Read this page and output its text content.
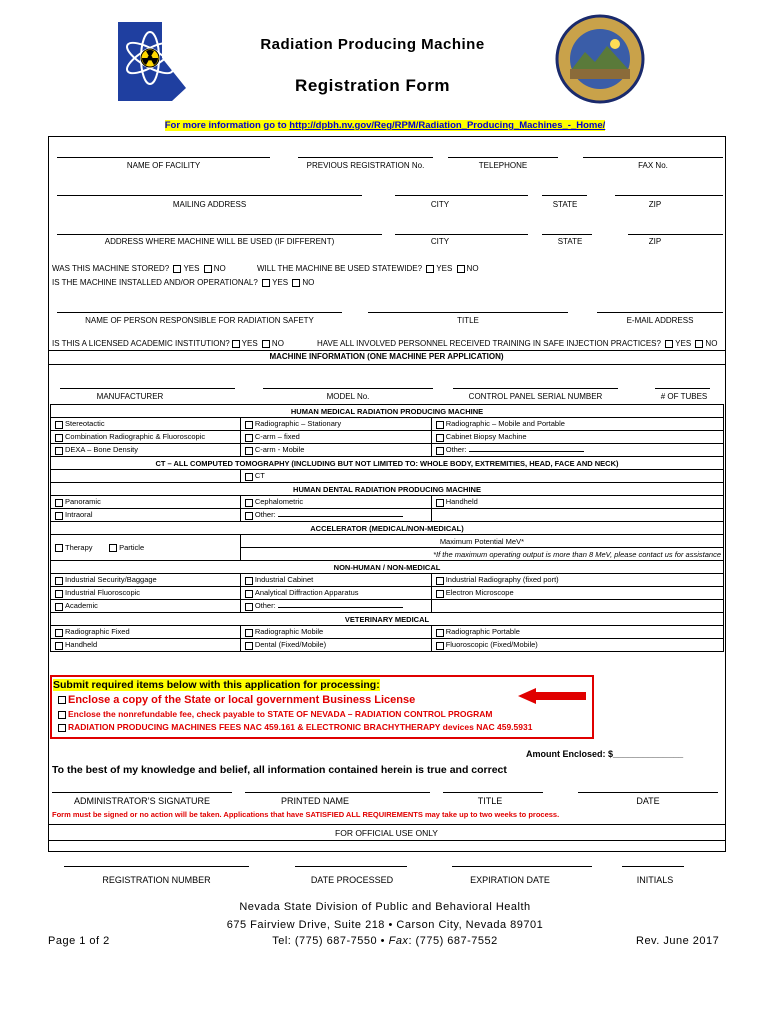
Radiation Producing Machine
Registration Form
For more information go to http://dpbh.nv.gov/Reg/RPM/Radiation_Producing_Machines_-_Home/
NAME OF FACILITY	PREVIOUS REGISTRATION No.	TELEPHONE	FAX No.
MAILING ADDRESS	CITY	STATE	ZIP
ADDRESS WHERE MACHINE WILL BE USED (IF DIFFERENT)	CITY	STATE	ZIP
WAS THIS MACHINE STORED? YES NO	WILL THE MACHINE BE USED STATEWIDE? YES NO
IS THE MACHINE INSTALLED AND/OR OPERATIONAL? YES NO
NAME OF PERSON RESPONSIBLE FOR RADIATION SAFETY	TITLE	E-MAIL ADDRESS
IS THIS A LICENSED ACADEMIC INSTITUTION? YES NO	HAVE ALL INVOLVED PERSONNEL RECEIVED TRAINING IN SAFE INJECTION PRACTICES? YES NO
MACHINE INFORMATION (ONE MACHINE PER APPLICATION)
MANUFACTURER	MODEL No.	CONTROL PANEL SERIAL NUMBER	# OF TUBES
HUMAN MEDICAL RADIATION PRODUCING MACHINE		
Stereotactic	Radiographic – Stationary	Radiographic – Mobile and Portable
Combination Radiographic & Fluoroscopic	C-arm – fixed	Cabinet Biopsy Machine
DEXA – Bone Density	C-arm - Mobile	Other:
CT – ALL COMPUTED TOMOGRAPHY (INCLUDING BUT NOT LIMITED TO: WHOLE BODY, EXTREMITIES, HEAD, FACE AND NECK)		
	CT	
HUMAN DENTAL RADIATION PRODUCING MACHINE		
Panoramic	Cephalometric	Handheld
Intraoral	Other:	
ACCELERATOR (MEDICAL/NON-MEDICAL)		
Therapy Particle	Maximum Potential MeV*	
	*If the maximum operating output is more than 8 MeV, please contact us for assistance	
NON-HUMAN / NON-MEDICAL		
Industrial Security/Baggage	Industrial Cabinet	Industrial Radiography (fixed port)
Industrial Fluoroscopic	Analytical Diffraction Apparatus	Electron Microscope
Academic	Other:	
VETERINARY MEDICAL		
Radiographic Fixed	Radiographic Mobile	Radiographic Portable
Handheld	Dental (Fixed/Mobile)	Fluoroscopic (Fixed/Mobile)
Submit required items below with this application for processing:
Enclose a copy of the State or local government Business License
Enclose the nonrefundable fee, check payable to STATE OF NEVADA – RADIATION CONTROL PROGRAM
RADIATION PRODUCING MACHINES FEES NAC 459.161 & ELECTRONIC BRACHYTHERAPY devices NAC 459.5931
Amount Enclosed: $______________
To the best of my knowledge and belief, all information contained herein is true and correct
ADMINISTRATOR’S SIGNATURE	PRINTED NAME	TITLE	DATE
Form must be signed or no action will be taken. Applications that have SATISFIED ALL REQUIREMENTS may take up to two weeks to process.
FOR OFFICIAL USE ONLY
REGISTRATION NUMBER	DATE PROCESSED	EXPIRATION DATE	INITIALS
Nevada State Division of Public and Behavioral Health
675 Fairview Drive, Suite 218 • Carson City, Nevada 89701
Tel: (775) 687-7550 • Fax: (775) 687-7552
Page 1 of 2	Rev. June 2017
